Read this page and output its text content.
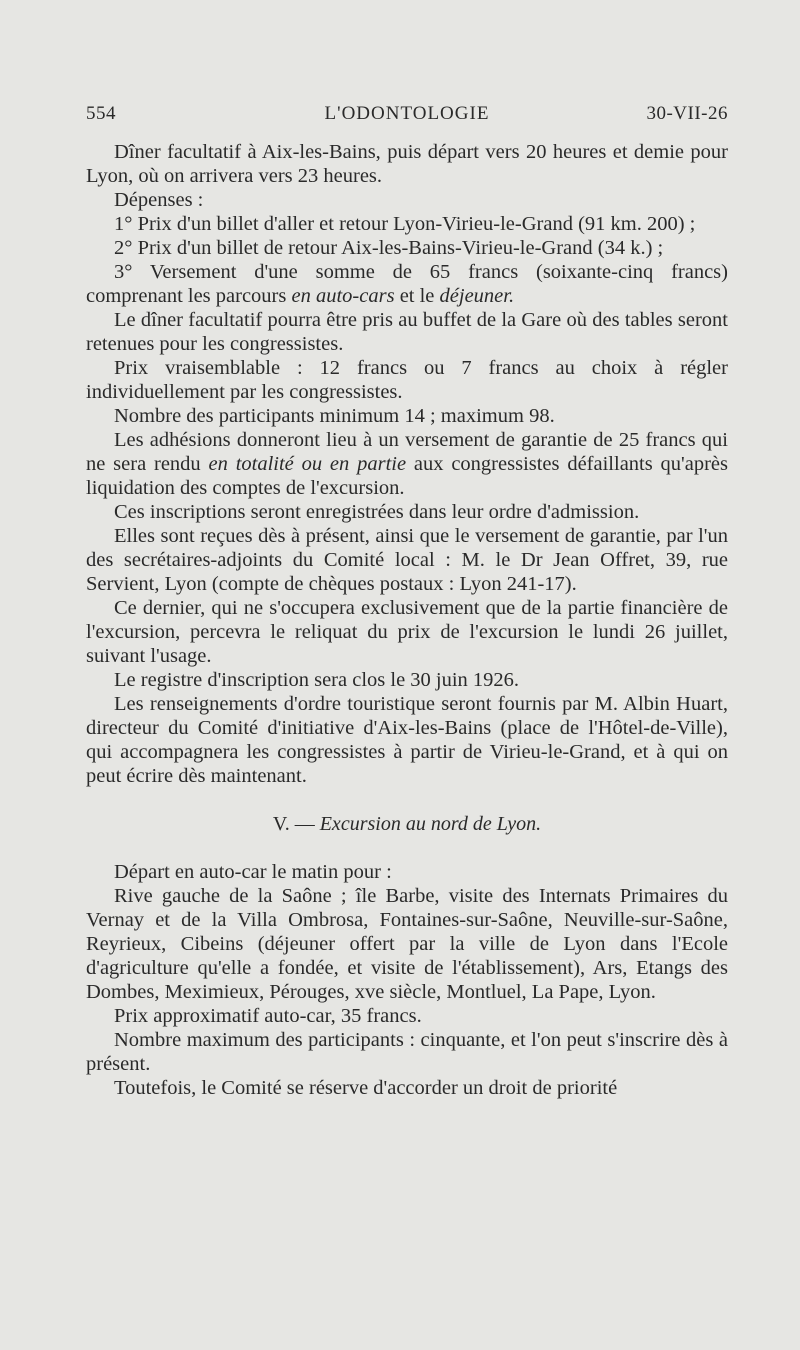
554	L'ODONTOLOGIE	30-VII-26

Dîner facultatif à Aix-les-Bains, puis départ vers 20 heures et demie pour Lyon, où on arrivera vers 23 heures.

Dépenses :

1° Prix d'un billet d'aller et retour Lyon-Virieu-le-Grand (91 km. 200) ;

2° Prix d'un billet de retour Aix-les-Bains-Virieu-le-Grand (34 k.) ;

3° Versement d'une somme de 65 francs (soixante-cinq francs) comprenant les parcours en auto-cars et le déjeuner.

Le dîner facultatif pourra être pris au buffet de la Gare où des tables seront retenues pour les congressistes.

Prix vraisemblable : 12 francs ou 7 francs au choix à régler individuellement par les congressistes.

Nombre des participants minimum 14 ; maximum 98.

Les adhésions donneront lieu à un versement de garantie de 25 francs qui ne sera rendu en totalité ou en partie aux congressistes défaillants qu'après liquidation des comptes de l'excursion.

Ces inscriptions seront enregistrées dans leur ordre d'admission.

Elles sont reçues dès à présent, ainsi que le versement de garantie, par l'un des secrétaires-adjoints du Comité local : M. le Dr Jean Offret, 39, rue Servient, Lyon (compte de chèques postaux : Lyon 241-17).

Ce dernier, qui ne s'occupera exclusivement que de la partie financière de l'excursion, percevra le reliquat du prix de l'excursion le lundi 26 juillet, suivant l'usage.

Le registre d'inscription sera clos le 30 juin 1926.

Les renseignements d'ordre touristique seront fournis par M. Albin Huart, directeur du Comité d'initiative d'Aix-les-Bains (place de l'Hôtel-de-Ville), qui accompagnera les congressistes à partir de Virieu-le-Grand, et à qui on peut écrire dès maintenant.

V. — Excursion au nord de Lyon.

Départ en auto-car le matin pour :

Rive gauche de la Saône ; île Barbe, visite des Internats Primaires du Vernay et de la Villa Ombrosa, Fontaines-sur-Saône, Neuville-sur-Saône, Reyrieux, Cibeins (déjeuner offert par la ville de Lyon dans l'Ecole d'agriculture qu'elle a fondée, et visite de l'établissement), Ars, Etangs des Dombes, Meximieux, Pérouges, xve siècle, Montluel, La Pape, Lyon.

Prix approximatif auto-car, 35 francs.

Nombre maximum des participants : cinquante, et l'on peut s'inscrire dès à présent.

Toutefois, le Comité se réserve d'accorder un droit de priorité
